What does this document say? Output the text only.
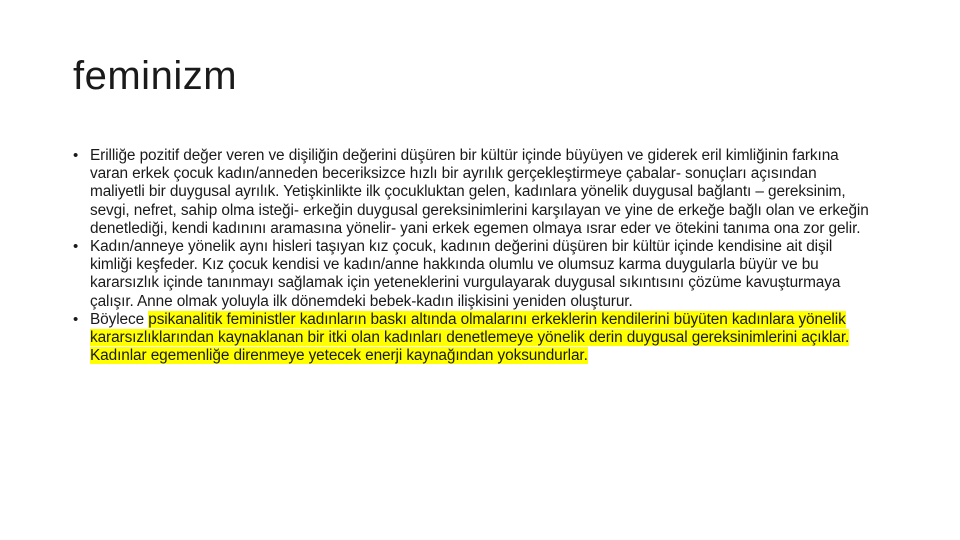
feminizm
• Erilliğe pozitif değer veren ve dişiliğin değerini düşüren bir kültür içinde büyüyen ve giderek eril kimliğinin farkına varan erkek çocuk kadın/anneden beceriksizce hızlı bir ayrılık gerçekleştirmeye çabalar- sonuçları açısından maliyetli bir duygusal ayrılık. Yetişkinlikte ilk çocukluktan gelen, kadınlara yönelik duygusal bağlantı – gereksinim, sevgi, nefret, sahip olma isteği- erkeğin duygusal gereksinimlerini karşılayan ve yine de erkeğe bağlı olan ve erkeğin denetlediği, kendi kadınını aramasına yönelir- yani erkek egemen olmaya ısrar eder ve ötekini tanıma ona zor gelir.
• Kadın/anneye yönelik aynı hisleri taşıyan kız çocuk, kadının değerini düşüren bir kültür içinde kendisine ait dişil kimliği keşfeder. Kız çocuk kendisi ve kadın/anne hakkında olumlu ve olumsuz karma duygularla büyür ve bu kararsızlık içinde tanınmayı sağlamak için yeteneklerini vurgulayarak duygusal sıkıntısını çözüme kavuşturmaya çalışır. Anne olmak yoluyla ilk dönemdeki bebek-kadın ilişkisini yeniden oluşturur.
• Böylece psikanalitik feministler kadınların baskı altında olmalarını erkeklerin kendilerini büyüten kadınlara yönelik kararsızlıklarından kaynaklanan bir itki olan kadınları denetlemeye yönelik derin duygusal gereksinimlerini açıklar. Kadınlar egemenliğe direnmeye yetecek enerji kaynağından yoksundurlar.
